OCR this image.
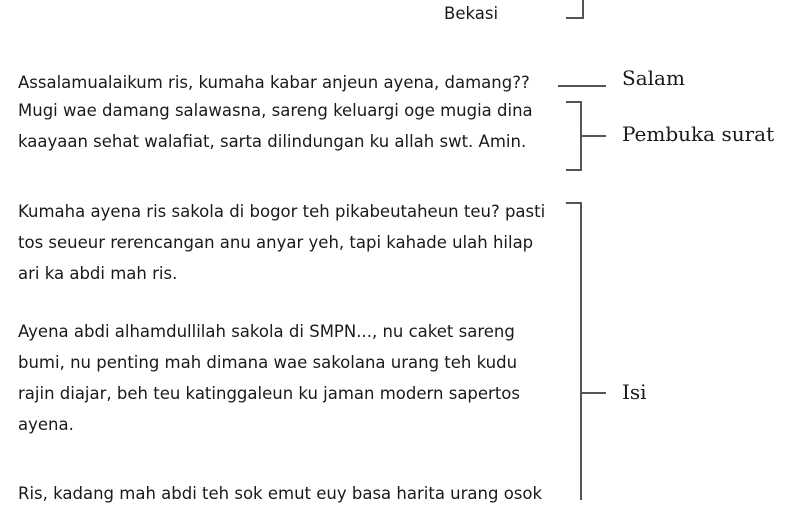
Bekasi
Assalamualaikum ris, kumaha kabar anjeun ayena, damang??	Salam
Mugi wae damang salawasna, sareng keluargi oge mugia dina
kaayaan sehat walafiat, sarta dilindungan ku allah swt. Amin.	Pembuka surat
Kumaha ayena ris sakola di bogor teh pikabeutaheun teu? pasti
tos seueur rerencangan anu anyar yeh, tapi kahade ulah hilap
ari ka abdi mah ris.
Ayena abdi alhamdullilah sakola di SMPN..., nu caket sareng
bumi, nu penting mah dimana wae sakolana urang teh kudu
rajin diajar, beh teu katinggaleun ku jaman modern sapertos
ayena.
Ris, kadang mah abdi teh sok emut euy basa harita urang osok
Isi
